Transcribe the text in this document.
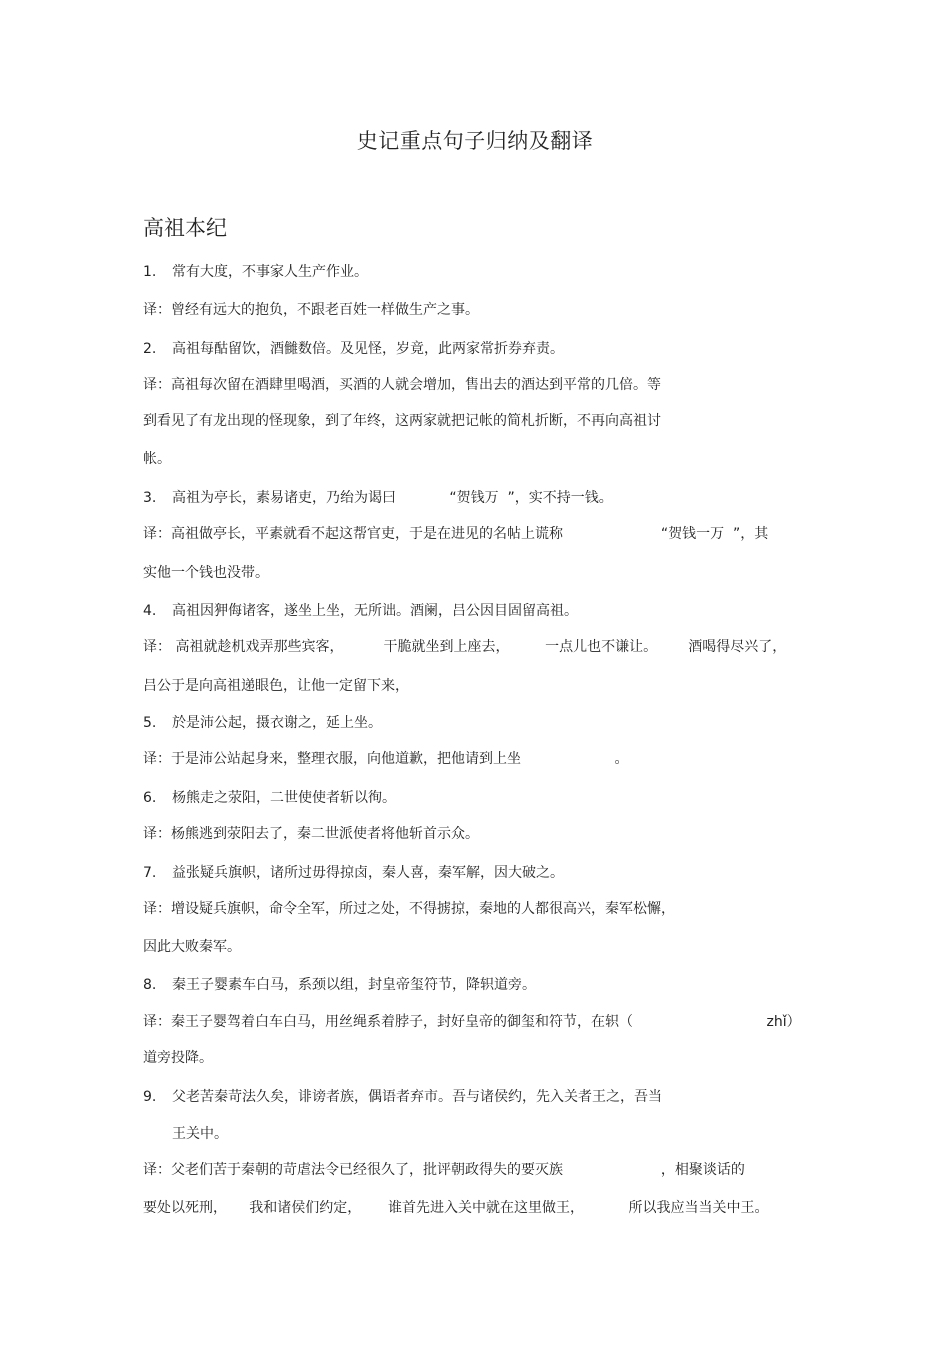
史记重点句子归纳及翻译
高祖本纪
1. 常有大度，不事家人生产作业。
译：曾经有远大的抱负，不跟老百姓一样做生产之事。
2. 高祖每酤留饮，酒雠数倍。及见怪，岁竟，此两家常折券弃责。
译：高祖每次留在酒肆里喝酒，买酒的人就会增加，售出去的酒达到平常的几倍。等
到看见了有龙出现的怪现象，到了年终，这两家就把记帐的简札折断，不再向高祖讨
帐。
3. 高祖为亭长，素易诸吏，乃绐为谒曰            “贺钱万  ”，实不持一钱。
译：高祖做亭长，平素就看不起这帮官吏，于是在进见的名帖上谎称                      “贺钱一万  ”，其
实他一个钱也没带。
4. 高祖因狎侮诸客，遂坐上坐，无所诎。酒阑，吕公因目固留高祖。
译： 高祖就趁机戏弄那些宾客，         干脆就坐到上座去，        一点儿也不谦让。       酒喝得尽兴了，
吕公于是向高祖递眼色，让他一定留下来，
5. 於是沛公起，摄衣谢之，延上坐。
译：于是沛公站起身来，整理衣服，向他道歉，把他请到上坐                     。
6. 杨熊走之荥阳，二世使使者斩以徇。
译：杨熊逃到荥阳去了，秦二世派使者将他斩首示众。
7. 益张疑兵旗帜，诸所过毋得掠卤，秦人喜，秦军解，因大破之。
译：增设疑兵旗帜，命令全军，所过之处，不得掳掠，秦地的人都很高兴，秦军松懈，
因此大败秦军。
8. 秦王子婴素车白马，系颈以组，封皇帝玺符节，降轵道旁。
译：秦王子婴驾着白车白马，用丝绳系着脖子，封好皇帝的御玺和符节，在轵（                              zhǐ）
道旁投降。
9. 父老苦秦苛法久矣，诽谤者族，偶语者弃市。吾与诸侯约，先入关者王之，吾当
王关中。
译：父老们苦于秦朝的苛虐法令已经很久了，批评朝政得失的要灭族                      ，相聚谈话的
要处以死刑，     我和诸侯们约定，      谁首先进入关中就在这里做王，          所以我应当当关中王。
